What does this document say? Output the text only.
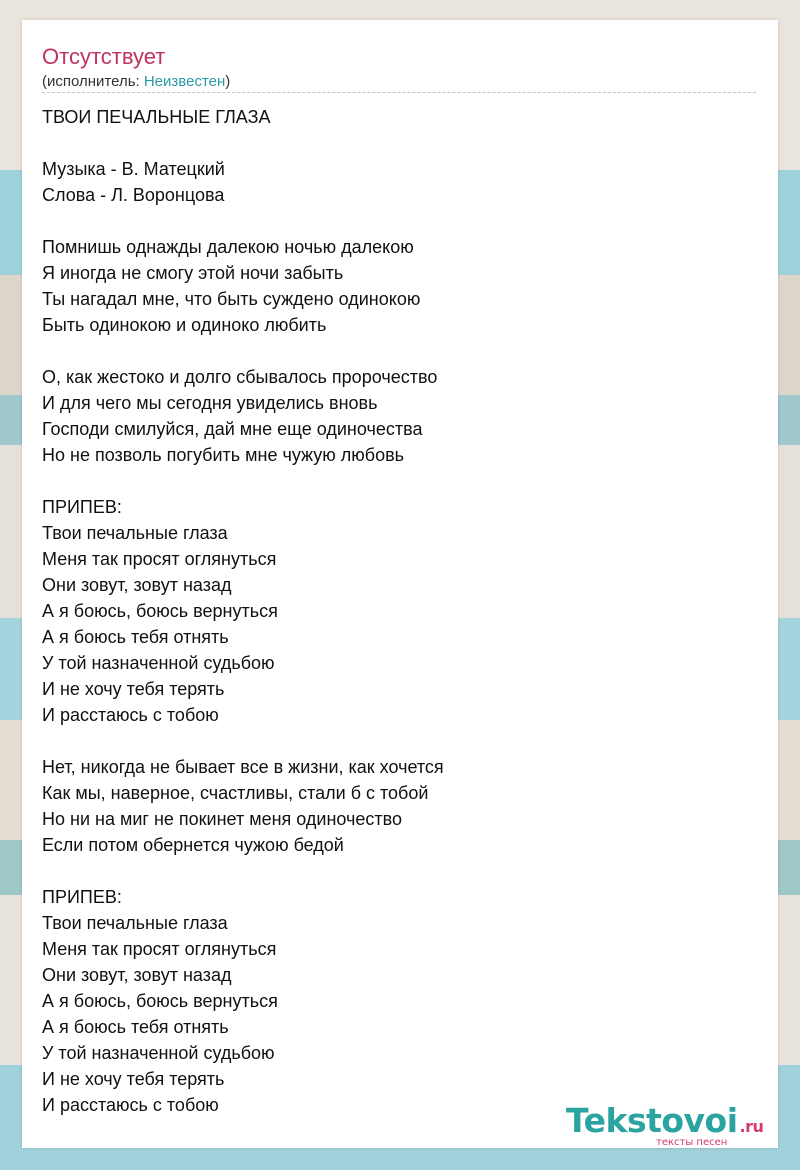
Отсутствует
(исполнитель: Неизвестен)
ТВОИ ПЕЧАЛЬНЫЕ ГЛАЗА
Музыка - В. Матецкий
Слова - Л. Воронцова
Помнишь однажды далекою ночью далекою
Я иногда не смогу этой ночи забыть
Ты нагадал мне, что быть суждено одинокою
Быть одинокою и одиноко любить
О, как жестоко и долго сбывалось пророчество
И для чего мы сегодня увиделись вновь
Господи смилуйся, дай мне еще одиночества
Но не позволь погубить мне чужую любовь
ПРИПЕВ:
Твои печальные глаза
Меня так просят оглянуться
Они зовут, зовут назад
А я боюсь, боюсь вернуться
А я боюсь тебя отнять
У той назначенной судьбою
И не хочу тебя терять
И расстаюсь с тобою
Нет, никогда не бывает все в жизни, как хочется
Как мы, наверное, счастливы, стали б с тобой
Но ни на миг не покинет меня одиночество
Если потом обернется чужою бедой
ПРИПЕВ:
Твои печальные глаза
Меня так просят оглянуться
Они зовут, зовут назад
А я боюсь, боюсь вернуться
А я боюсь тебя отнять
У той назначенной судьбою
И не хочу тебя терять
И расстаюсь с тобою	Tekstovoi .ru
тексты песен
